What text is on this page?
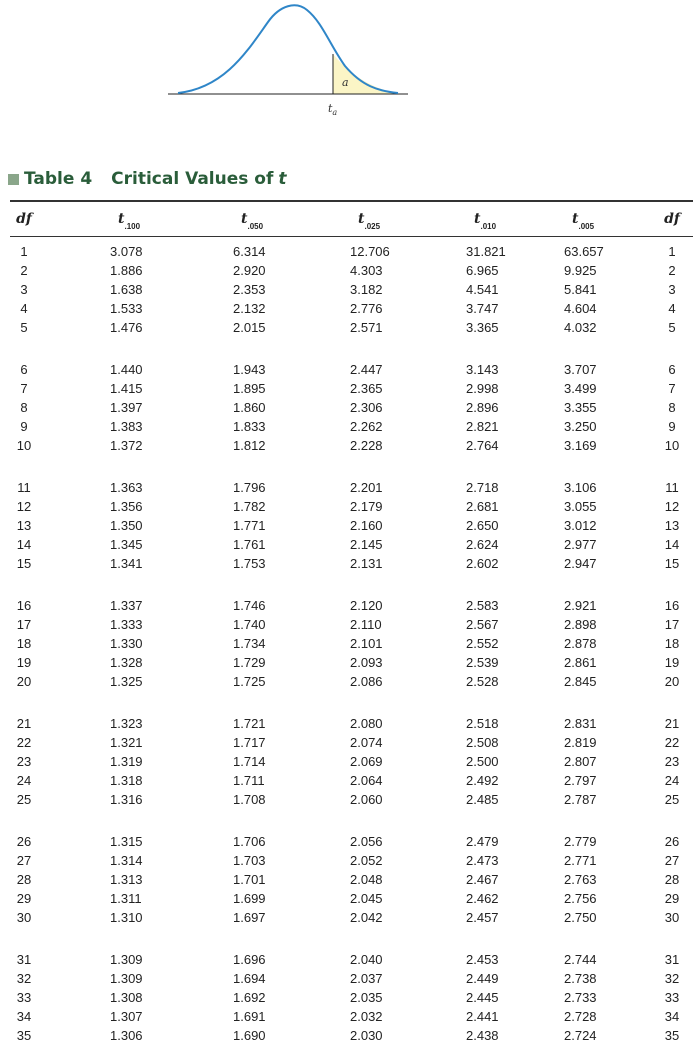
a
$t_a$
Table 4 Critical Values of t
df	$t_{.100}$	$t_{.050}$	$t_{.025}$	$t_{.010}$	$t_{.005}$	df
1	3.078	6.314	12.706	31.821	63.657	1
2	1.886	2.920	4.303	6.965	9.925	2
3	1.638	2.353	3.182	4.541	5.841	3
4	1.533	2.132	2.776	3.747	4.604	4
5	1.476	2.015	2.571	3.365	4.032	5
6	1.440	1.943	2.447	3.143	3.707	6
7	1.415	1.895	2.365	2.998	3.499	7
8	1.397	1.860	2.306	2.896	3.355	8
9	1.383	1.833	2.262	2.821	3.250	9
10	1.372	1.812	2.228	2.764	3.169	10
11	1.363	1.796	2.201	2.718	3.106	11
12	1.356	1.782	2.179	2.681	3.055	12
13	1.350	1.771	2.160	2.650	3.012	13
14	1.345	1.761	2.145	2.624	2.977	14
15	1.341	1.753	2.131	2.602	2.947	15
16	1.337	1.746	2.120	2.583	2.921	16
17	1.333	1.740	2.110	2.567	2.898	17
18	1.330	1.734	2.101	2.552	2.878	18
19	1.328	1.729	2.093	2.539	2.861	19
20	1.325	1.725	2.086	2.528	2.845	20
21	1.323	1.721	2.080	2.518	2.831	21
22	1.321	1.717	2.074	2.508	2.819	22
23	1.319	1.714	2.069	2.500	2.807	23
24	1.318	1.711	2.064	2.492	2.797	24
25	1.316	1.708	2.060	2.485	2.787	25
26	1.315	1.706	2.056	2.479	2.779	26
27	1.314	1.703	2.052	2.473	2.771	27
28	1.313	1.701	2.048	2.467	2.763	28
29	1.311	1.699	2.045	2.462	2.756	29
30	1.310	1.697	2.042	2.457	2.750	30
31	1.309	1.696	2.040	2.453	2.744	31
32	1.309	1.694	2.037	2.449	2.738	32
33	1.308	1.692	2.035	2.445	2.733	33
34	1.307	1.691	2.032	2.441	2.728	34
35	1.306	1.690	2.030	2.438	2.724	35
